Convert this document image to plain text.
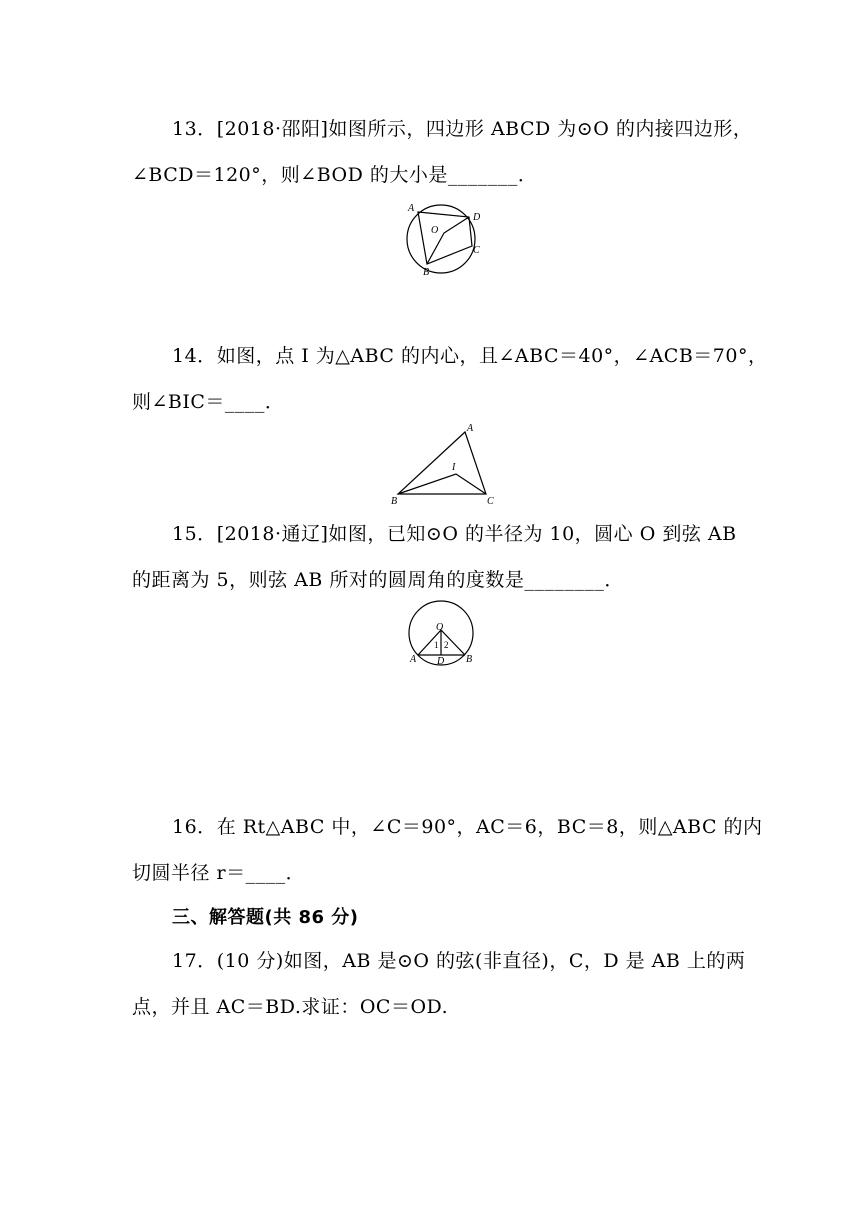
13．[2018·邵阳]如图所示，四边形 ABCD 为⊙O 的内接四边形，
∠BCD＝120°，则∠BOD 的大小是_______．
A
D
O
C
B
14．如图，点 I 为△ABC 的内心，且∠ABC＝40°，∠ACB＝70°，
则∠BIC＝____．
A
I
B	C
15．[2018·通辽]如图，已知⊙O 的半径为 10，圆心 O 到弦 AB
的距离为 5，则弦 AB 所对的圆周角的度数是________．
O
1 2
A D B
16．在 Rt△ABC 中，∠C＝90°，AC＝6，BC＝8，则△ABC 的内
切圆半径 r＝____．
三、解答题(共 86 分)
17．(10 分)如图，AB 是⊙O 的弦(非直径)，C，D 是 AB 上的两
点，并且 AC＝BD.求证：OC＝OD.
